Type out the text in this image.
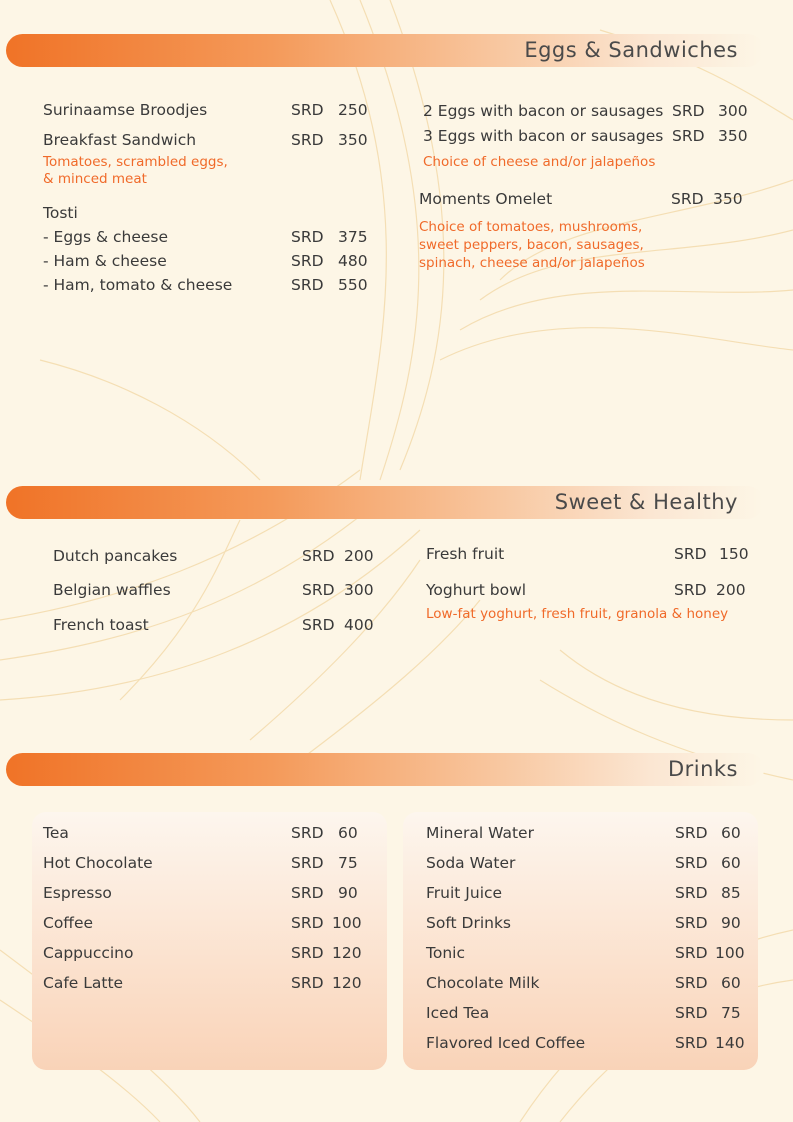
Eggs & Sandwiches
Surinaamse Broodjes	SRD 250
Breakfast Sandwich	SRD 350
Tomatoes, scrambled eggs,
& minced meat
Tosti
- Eggs & cheese	SRD 375
- Ham & cheese	SRD 480
- Ham, tomato & cheese	SRD 550
2 Eggs with bacon or sausages SRD 300
3 Eggs with bacon or sausages SRD 350
Choice of cheese and/or jalapeños
Moments Omelet	SRD 350
Choice of tomatoes, mushrooms,
sweet peppers, bacon, sausages,
spinach, cheese and/or jalapeños
Sweet & Healthy
Dutch pancakes	SRD 200
Belgian waffles	SRD 300
French toast	SRD 400
Fresh fruit	SRD 150
Yoghurt bowl	SRD 200
Low-fat yoghurt, fresh fruit, granola & honey
Drinks
Tea	SRD 60
Hot Chocolate	SRD 75
Espresso	SRD 90
Coffee	SRD 100
Cappuccino	SRD 120
Cafe Latte	SRD 120
Mineral Water	SRD 60
Soda Water	SRD 60
Fruit Juice	SRD 85
Soft Drinks	SRD 90
Tonic	SRD 100
Chocolate Milk	SRD 60
Iced Tea	SRD 75
Flavored Iced Coffee	SRD 140
